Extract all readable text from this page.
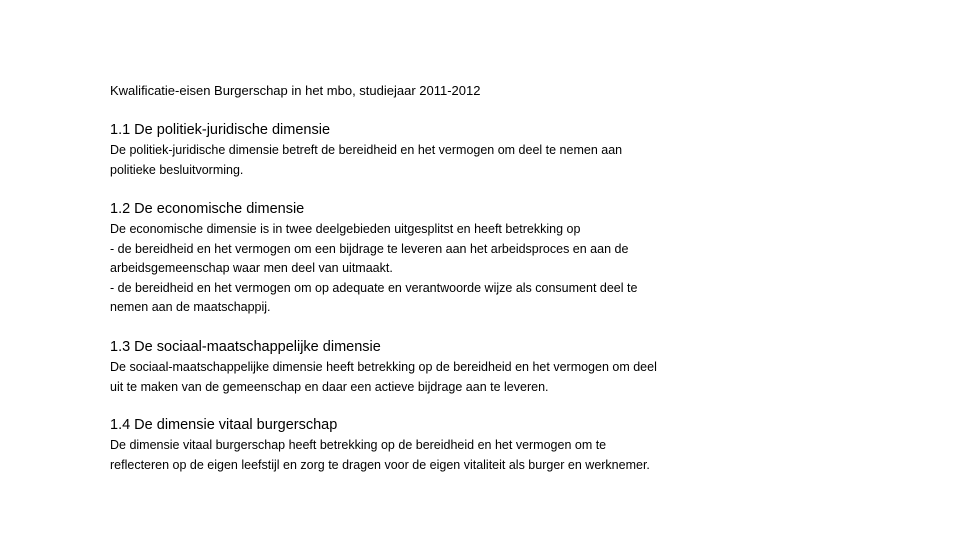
Kwalificatie-eisen Burgerschap in het mbo, studiejaar 2011-2012
1.1 De politiek-juridische dimensie

De politiek-juridische dimensie betreft de bereidheid en het vermogen om deel te nemen aan
politieke besluitvorming.

1.2 De economische dimensie

De economische dimensie is in twee deelgebieden uitgesplitst en heeft betrekking op
- de bereidheid en het vermogen om een bijdrage te leveren aan het arbeidsproces en aan de
arbeidsgemeenschap waar men deel van uitmaakt.
- de bereidheid en het vermogen om op adequate en verantwoorde wijze als consument deel te
nemen aan de maatschappij.

1.3 De sociaal-maatschappelijke dimensie

De sociaal-maatschappelijke dimensie heeft betrekking op de bereidheid en het vermogen om deel
uit te maken van de gemeenschap en daar een actieve bijdrage aan te leveren.

1.4 De dimensie vitaal burgerschap

De dimensie vitaal burgerschap heeft betrekking op de bereidheid en het vermogen om te
reflecteren op de eigen leefstijl en zorg te dragen voor de eigen vitaliteit als burger en werknemer.
